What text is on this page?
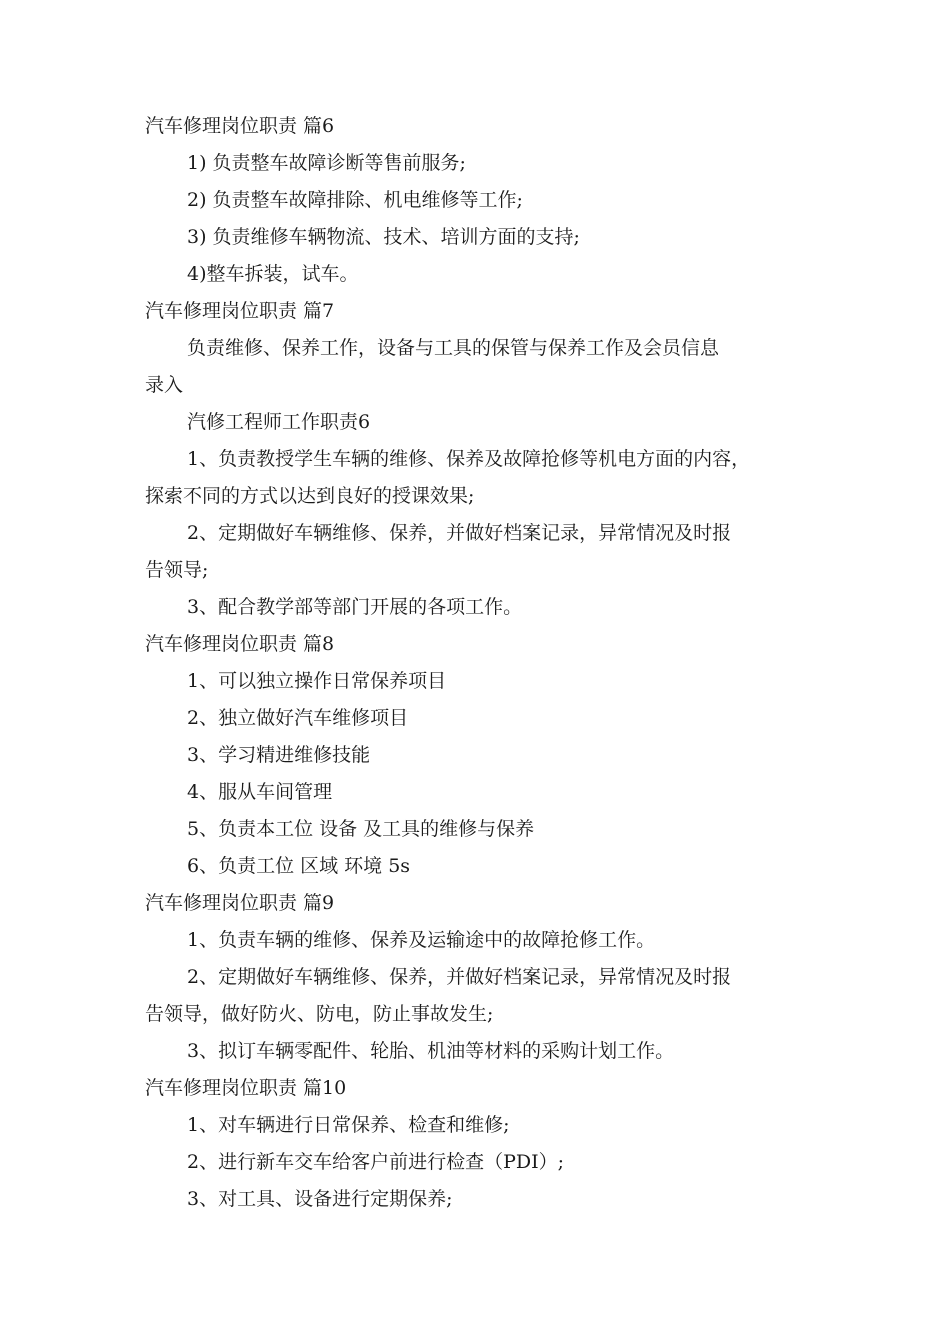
汽车修理岗位职责 篇6
1) 负责整车故障诊断等售前服务;
2) 负责整车故障排除、机电维修等工作;
3) 负责维修车辆物流、技术、培训方面的支持;
4)整车拆装，试车。
汽车修理岗位职责 篇7
负责维修、保养工作，设备与工具的保管与保养工作及会员信息
录入
汽修工程师工作职责6
1、负责教授学生车辆的维修、保养及故障抢修等机电方面的内容，
探索不同的方式以达到良好的授课效果;
2、定期做好车辆维修、保养，并做好档案记录，异常情况及时报
告领导;
3、配合教学部等部门开展的各项工作。
汽车修理岗位职责 篇8
1、可以独立操作日常保养项目
2、独立做好汽车维修项目
3、学习精进维修技能
4、服从车间管理
5、负责本工位 设备 及工具的维修与保养
6、负责工位 区域 环境 5s
汽车修理岗位职责 篇9
1、负责车辆的维修、保养及运输途中的故障抢修工作。
2、定期做好车辆维修、保养，并做好档案记录，异常情况及时报
告领导，做好防火、防电，防止事故发生;
3、拟订车辆零配件、轮胎、机油等材料的采购计划工作。
汽车修理岗位职责 篇10
1、对车辆进行日常保养、检查和维修;
2、进行新车交车给客户前进行检查（PDI）;
3、对工具、设备进行定期保养;
